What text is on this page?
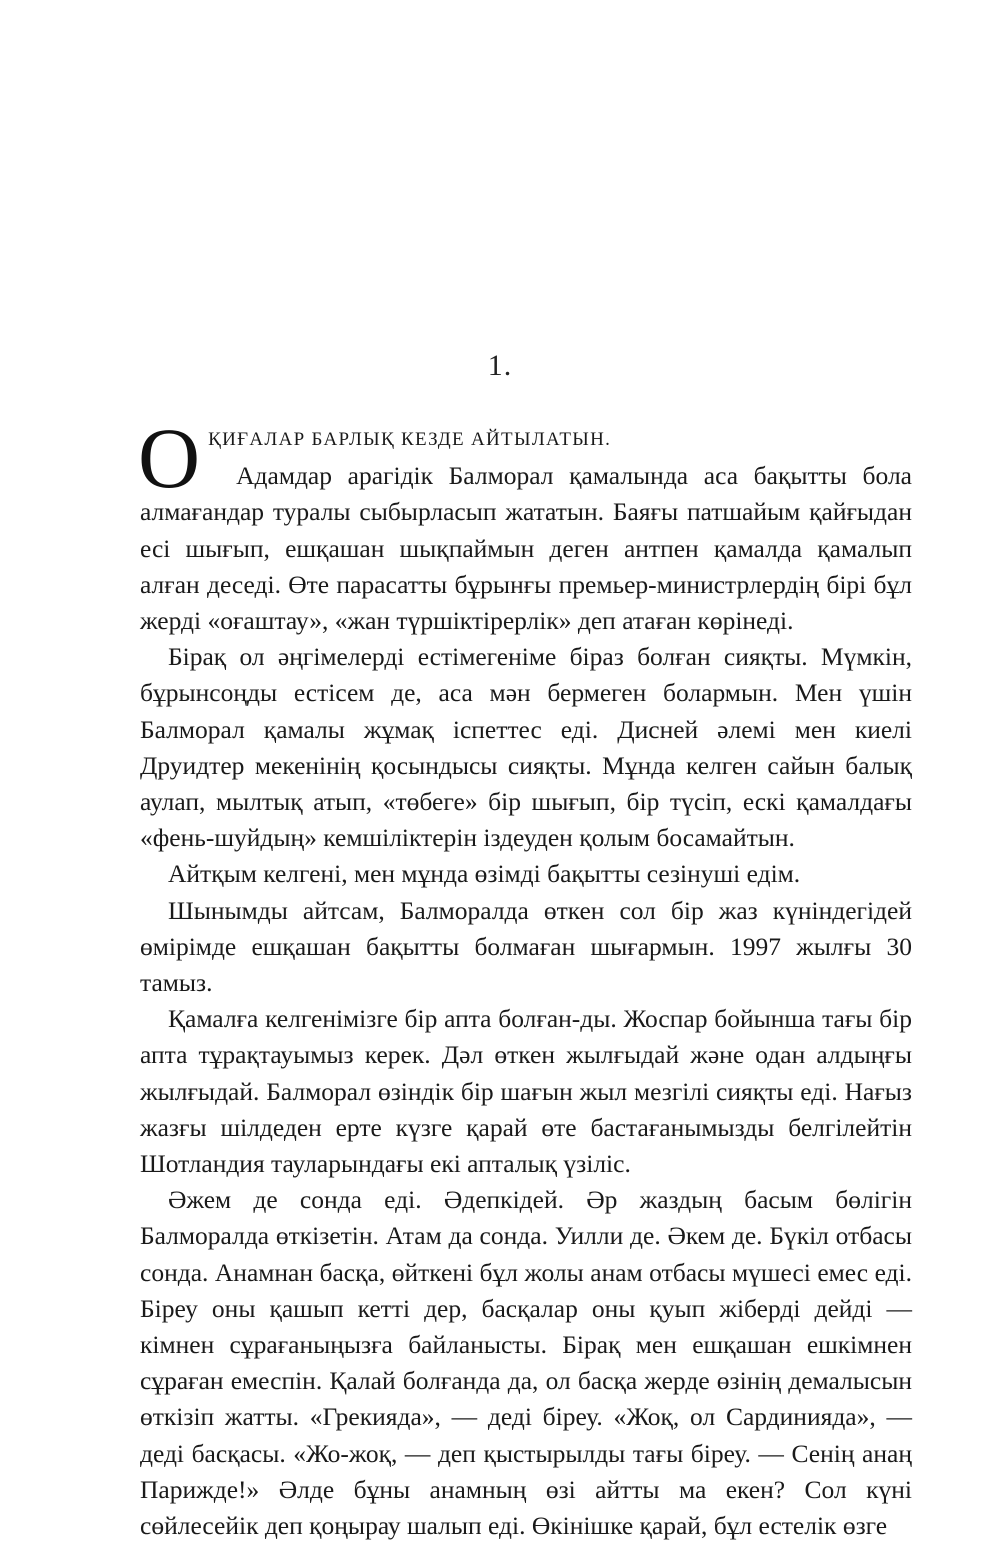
1.

ОҚИҒАЛАР БАРЛЫҚ КЕЗДЕ АЙТЫЛАТЫН.

Адамдар арагідік Балморал қамалында аса бақытты бола алмағандар туралы сыбырласып жататын. Баяғы патшайым қайғыдан есі шығып, ешқашан шықпаймын деген антпен қамалда қамалып алған деседі. Өте парасатты бұрынғы премьер-министрлердің бірі бұл жерді «оғаштау», «жан түршіктірерлік» деп атаған көрінеді.

Бірақ ол әңгімелерді естімегеніме біраз болған сияқты. Мүмкін, бұрынсоңды естісем де, аса мән бермеген болармын. Мен үшін Балморал қамалы жұмақ іспеттес еді. Дисней әлемі мен киелі Друидтер мекенінің қосындысы сияқты. Мұнда келген сайын балық аулап, мылтық атып, «төбеге» бір шығып, бір түсіп, ескі қамалдағы «фень-шуйдың» кемшіліктерін іздеуден қолым босамайтын.

Айтқым келгені, мен мұнда өзімді бақытты сезінуші едім.

Шынымды айтсам, Балморалда өткен сол бір жаз күніндегідей өмірімде ешқашан бақытты болмаған шығармын. 1997 жылғы 30 тамыз.

Қамалға келгенімізге бір апта болған-ды. Жоспар бойынша тағы бір апта тұрақтауымыз керек. Дәл өткен жылғыдай және одан алдыңғы жылғыдай. Балморал өзіндік бір шағын жыл мезгілі сияқты еді. Нағыз жазғы шілдеден ерте күзге қарай өте бастағанымызды белгілейтін Шотландия тауларындағы екі апталық үзіліс.

Әжем де сонда еді. Әдепкідей. Әр жаздың басым бөлігін Балморалда өткізетін. Атам да сонда. Уилли де. Әкем де. Бүкіл отбасы сонда. Анамнан басқа, өйткені бұл жолы анам отбасы мүшесі емес еді. Біреу оны қашып кетті дер, басқалар оны қуып жіберді дейді — кімнен сұрағаныңызға байланысты. Бірақ мен ешқашан ешкімнен сұраған емеспін. Қалай болғанда да, ол басқа жерде өзінің демалысын өткізіп жатты. «Грекияда», — деді біреу. «Жоқ, ол Сардинияда», — деді басқасы. «Жо-жоқ, — деп қыстырылды тағы біреу. — Сенің анаң Парижде!» Әлде бұны анамның өзі айтты ма екен? Сол күні сөйлесейік деп қоңырау шалып еді. Өкінішке қарай, бұл естелік өзге
